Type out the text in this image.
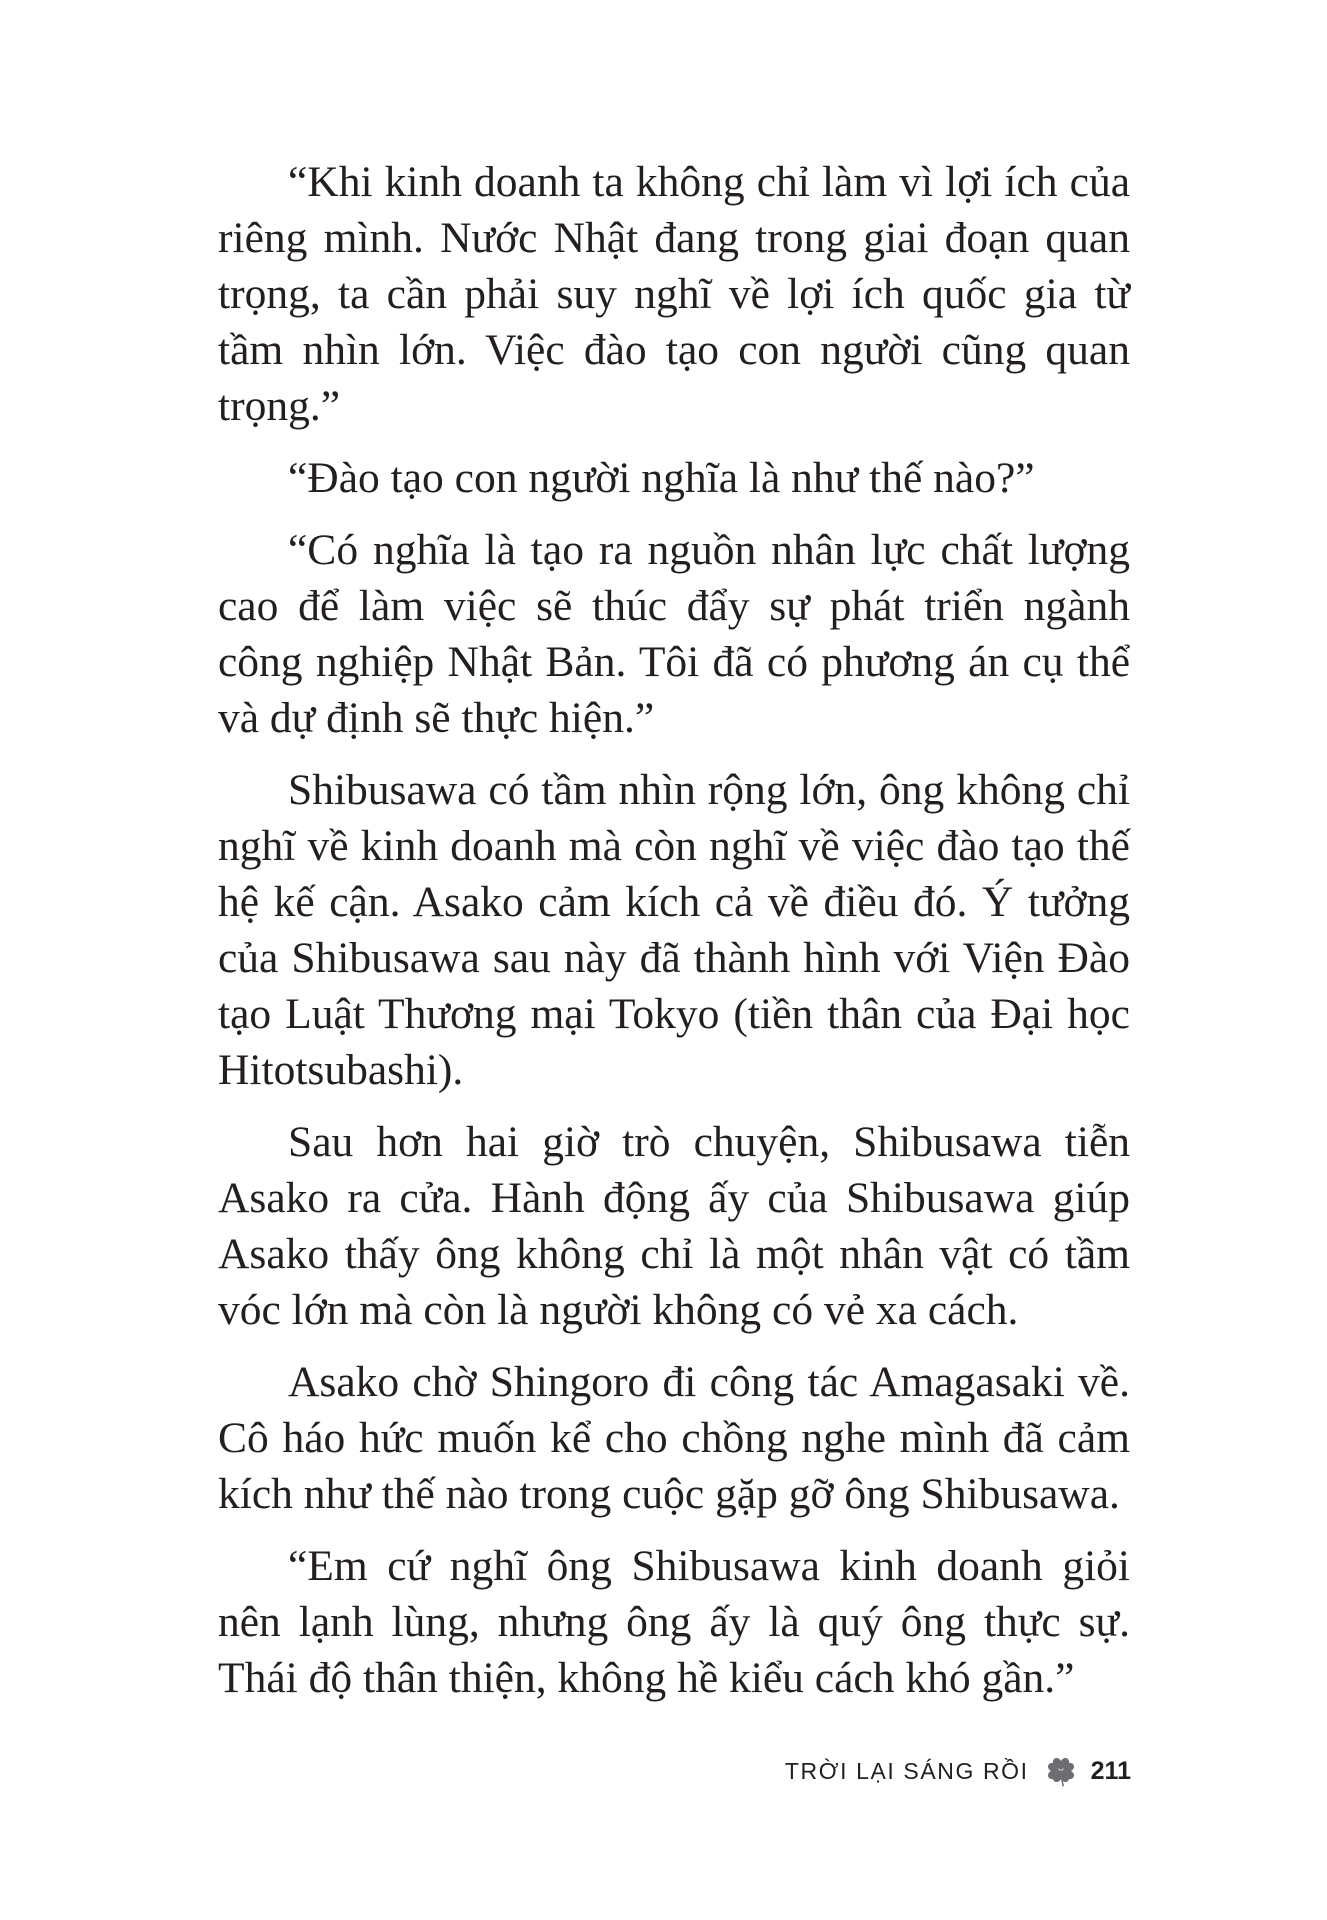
“Khi kinh doanh ta không chỉ làm vì lợi ích của riêng mình. Nước Nhật đang trong giai đoạn quan trọng, ta cần phải suy nghĩ về lợi ích quốc gia từ tầm nhìn lớn. Việc đào tạo con người cũng quan trọng.”

“Đào tạo con người nghĩa là như thế nào?”

“Có nghĩa là tạo ra nguồn nhân lực chất lượng cao để làm việc sẽ thúc đẩy sự phát triển ngành công nghiệp Nhật Bản. Tôi đã có phương án cụ thể và dự định sẽ thực hiện.”

Shibusawa có tầm nhìn rộng lớn, ông không chỉ nghĩ về kinh doanh mà còn nghĩ về việc đào tạo thế hệ kế cận. Asako cảm kích cả về điều đó. Ý tưởng của Shibusawa sau này đã thành hình với Viện Đào tạo Luật Thương mại Tokyo (tiền thân của Đại học Hitotsubashi).

Sau hơn hai giờ trò chuyện, Shibusawa tiễn Asako ra cửa. Hành động ấy của Shibusawa giúp Asako thấy ông không chỉ là một nhân vật có tầm vóc lớn mà còn là người không có vẻ xa cách.

Asako chờ Shingoro đi công tác Amagasaki về. Cô háo hức muốn kể cho chồng nghe mình đã cảm kích như thế nào trong cuộc gặp gỡ ông Shibusawa.

“Em cứ nghĩ ông Shibusawa kinh doanh giỏi nên lạnh lùng, nhưng ông ấy là quý ông thực sự. Thái độ thân thiện, không hề kiểu cách khó gần.”

TRỜI LẠI SÁNG RỒI 211
